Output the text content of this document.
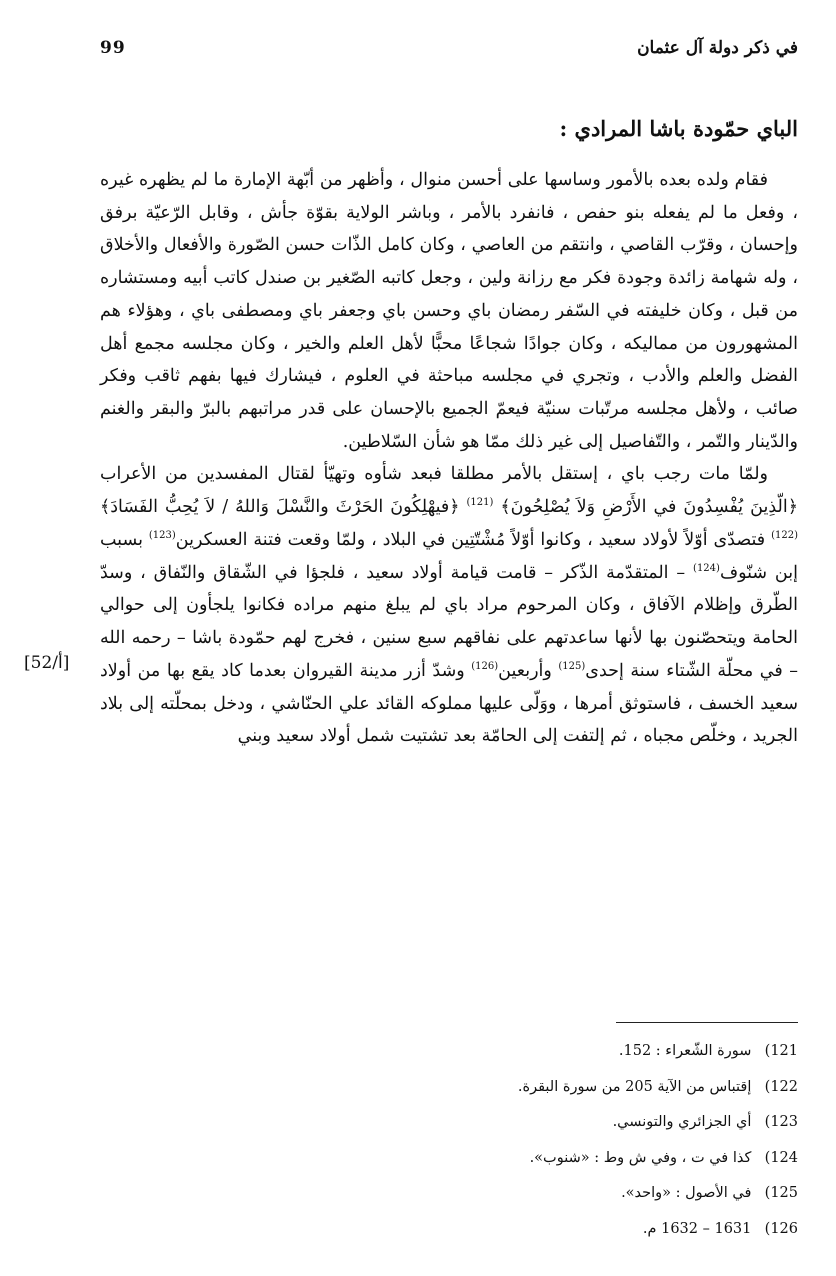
99	في ذكر دولة آل عثمان
الباي حمّودة باشا المرادي :

فقام ولده بعده بالأمور وساسها على أحسن منوال ، وأظهر من أبّهة الإمارة ما لم يظهره غيره ، وفعل ما لم يفعله بنو حفص ، فانفرد بالأمر ، وباشر الولاية بقوّة جأش ، وقابل الرّعيّة برفق وإحسان ، وقرّب القاصي ، وانتقم من العاصي ، وكان كامل الذّات حسن الصّورة والأفعال والأخلاق ، وله شهامة زائدة وجودة فكر مع رزانة ولين ، وجعل كاتبه الصّغير بن صندل كاتب أبيه ومستشاره من قبل ، وكان خليفته في السّفر رمضان باي وحسن باي وجعفر باي ومصطفى باي ، وهؤلاء هم المشهورون من مماليكه ، وكان جوادًا شجاعًا محبًّا لأهل العلم والخير ، وكان مجلسه مجمع أهل الفضل والعلم والأدب ، وتجري في مجلسه مباحثة في العلوم ، فيشارك فيها بفهم ثاقب وفكر صائب ، ولأهل مجلسه مرتّبات سنيّة فيعمّ الجميع بالإحسان على قدر مراتبهم بالبرّ والبقر والغنم والدّينار والتّمر ، والتّفاصيل إلى غير ذلك ممّا هو شأن السّلاطين.

ولمّا مات رجب باي ، إستقل بالأمر مطلقا فبعد شأوه وتهيّأ لقتال المفسدين من الأعراب ﴿الّذِينَ يُفْسِدُونَ في الأَرْضِ وَلاَ يُصْلِحُونَ﴾ $^{(121)}$ ﴿فيهْلِكُونَ الحَرْثَ والنَّسْلَ وَاللهُ / لاَ يُحِبُّ الفَسَادَ﴾ $^{(122)}$ فتصدّى أوّلاً لأولاد سعيد ، وكانوا أوّلاً مُشْتّتِين في البلاد ، ولمّا وقعت فتنة العسكرين$^{(123)}$ بسبب إبن شنّوف$^{(124)}$ – المتقدّمة الذّكر – قامت قيامة أولاد سعيد ، فلجؤا في الشّقاق والنّفاق ، وسدّ الطّرق وإظلام الآفاق ، وكان المرحوم مراد باي لم يبلغ منهم مراده فكانوا يلجأون إلى حوالي الحامة ويتحصّنون بها لأنها ساعدتهم على نفاقهم سبع سنين ، فخرج لهم حمّودة باشا – رحمه الله – في محلّة الشّتاء سنة إحدى$^{(125)}$ وأربعين$^{(126)}$ وشدّ أزر مدينة القيروان بعدما كاد يقع بها من أولاد سعيد الخسف ، فاستوثق أمرها ، ووَلّى عليها مملوكه القائد علي الحنّاشي ، ودخل بمحلّته إلى بلاد الجريد ، وخلّص مجباه ، ثم إلتفت إلى الحامّة بعد تشتيت شمل أولاد سعيد وبني

[52/أ]
121) سورة الشّعراء : 152.
122) إقتباس من الآية 205 من سورة البقرة.
123) أي الجزائري والتونسي.
124) كذا في ت ، وفي ش وط : «شنوب».
125) في الأصول : «واحد».
126) 1631 – 1632 م.
